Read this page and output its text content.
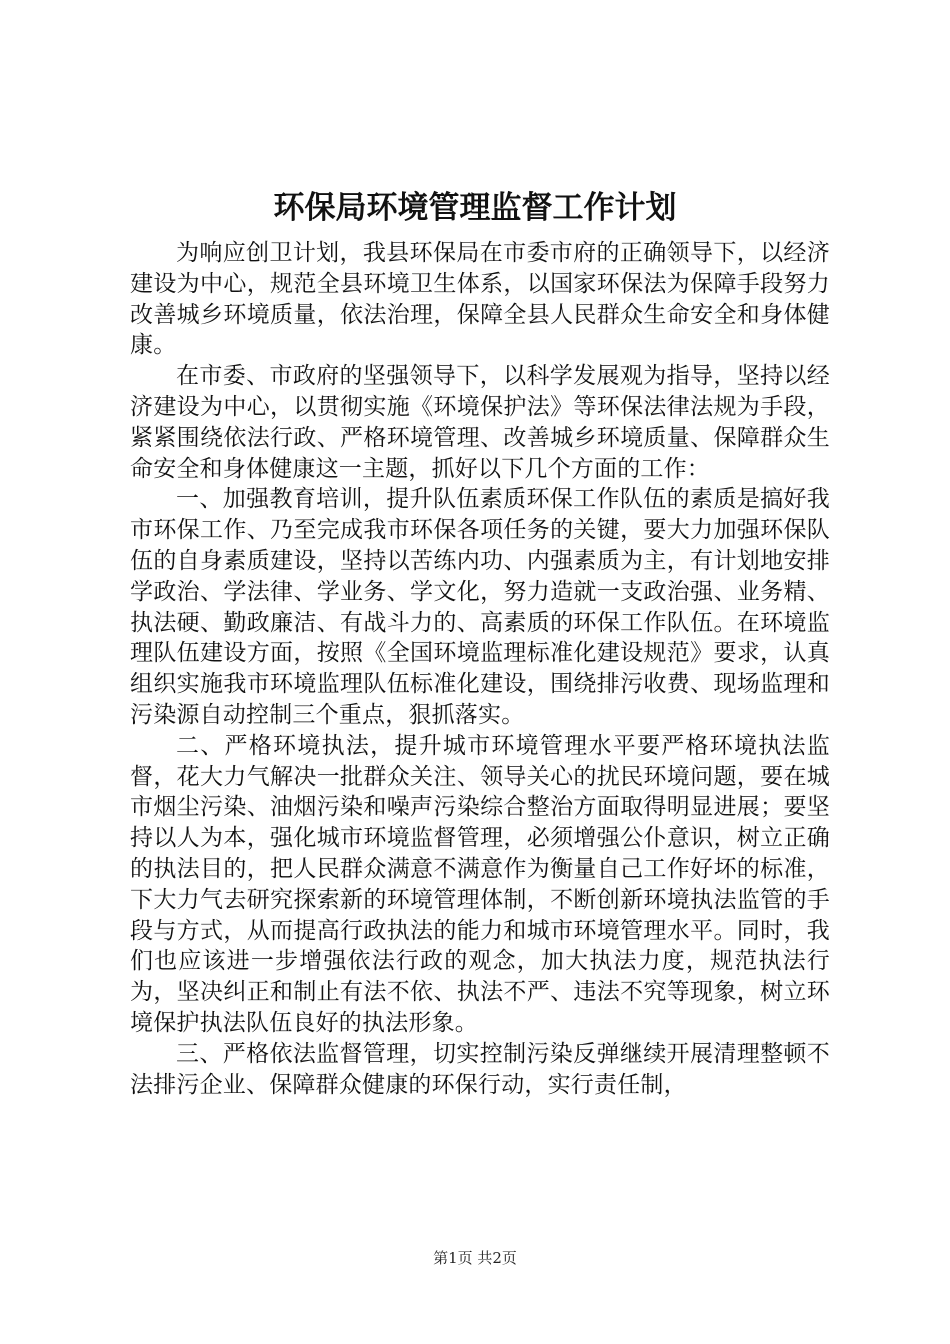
环保局环境管理监督工作计划

为响应创卫计划，我县环保局在市委市府的正确领导下，以经济建设为中心，规范全县环境卫生体系，以国家环保法为保障手段努力改善城乡环境质量，依法治理，保障全县人民群众生命安全和身体健康。

在市委、市政府的坚强领导下，以科学发展观为指导，坚持以经济建设为中心，以贯彻实施《环境保护法》等环保法律法规为手段，紧紧围绕依法行政、严格环境管理、改善城乡环境质量、保障群众生命安全和身体健康这一主题，抓好以下几个方面的工作：

一、加强教育培训，提升队伍素质环保工作队伍的素质是搞好我市环保工作、乃至完成我市环保各项任务的关键，要大力加强环保队伍的自身素质建设，坚持以苦练内功、内强素质为主，有计划地安排学政治、学法律、学业务、学文化，努力造就一支政治强、业务精、执法硬、勤政廉洁、有战斗力的、高素质的环保工作队伍。在环境监理队伍建设方面，按照《全国环境监理标准化建设规范》要求，认真组织实施我市环境监理队伍标准化建设，围绕排污收费、现场监理和污染源自动控制三个重点，狠抓落实。

二、严格环境执法，提升城市环境管理水平要严格环境执法监督，花大力气解决一批群众关注、领导关心的扰民环境问题，要在城市烟尘污染、油烟污染和噪声污染综合整治方面取得明显进展；要坚持以人为本，强化城市环境监督管理，必须增强公仆意识，树立正确的执法目的，把人民群众满意不满意作为衡量自己工作好坏的标准，下大力气去研究探索新的环境管理体制，不断创新环境执法监管的手段与方式，从而提高行政执法的能力和城市环境管理水平。同时，我们也应该进一步增强依法行政的观念，加大执法力度，规范执法行为，坚决纠正和制止有法不依、执法不严、违法不究等现象，树立环境保护执法队伍良好的执法形象。

三、严格依法监督管理，切实控制污染反弹继续开展清理整顿不法排污企业、保障群众健康的环保行动，实行责任制，

第1页 共2页
